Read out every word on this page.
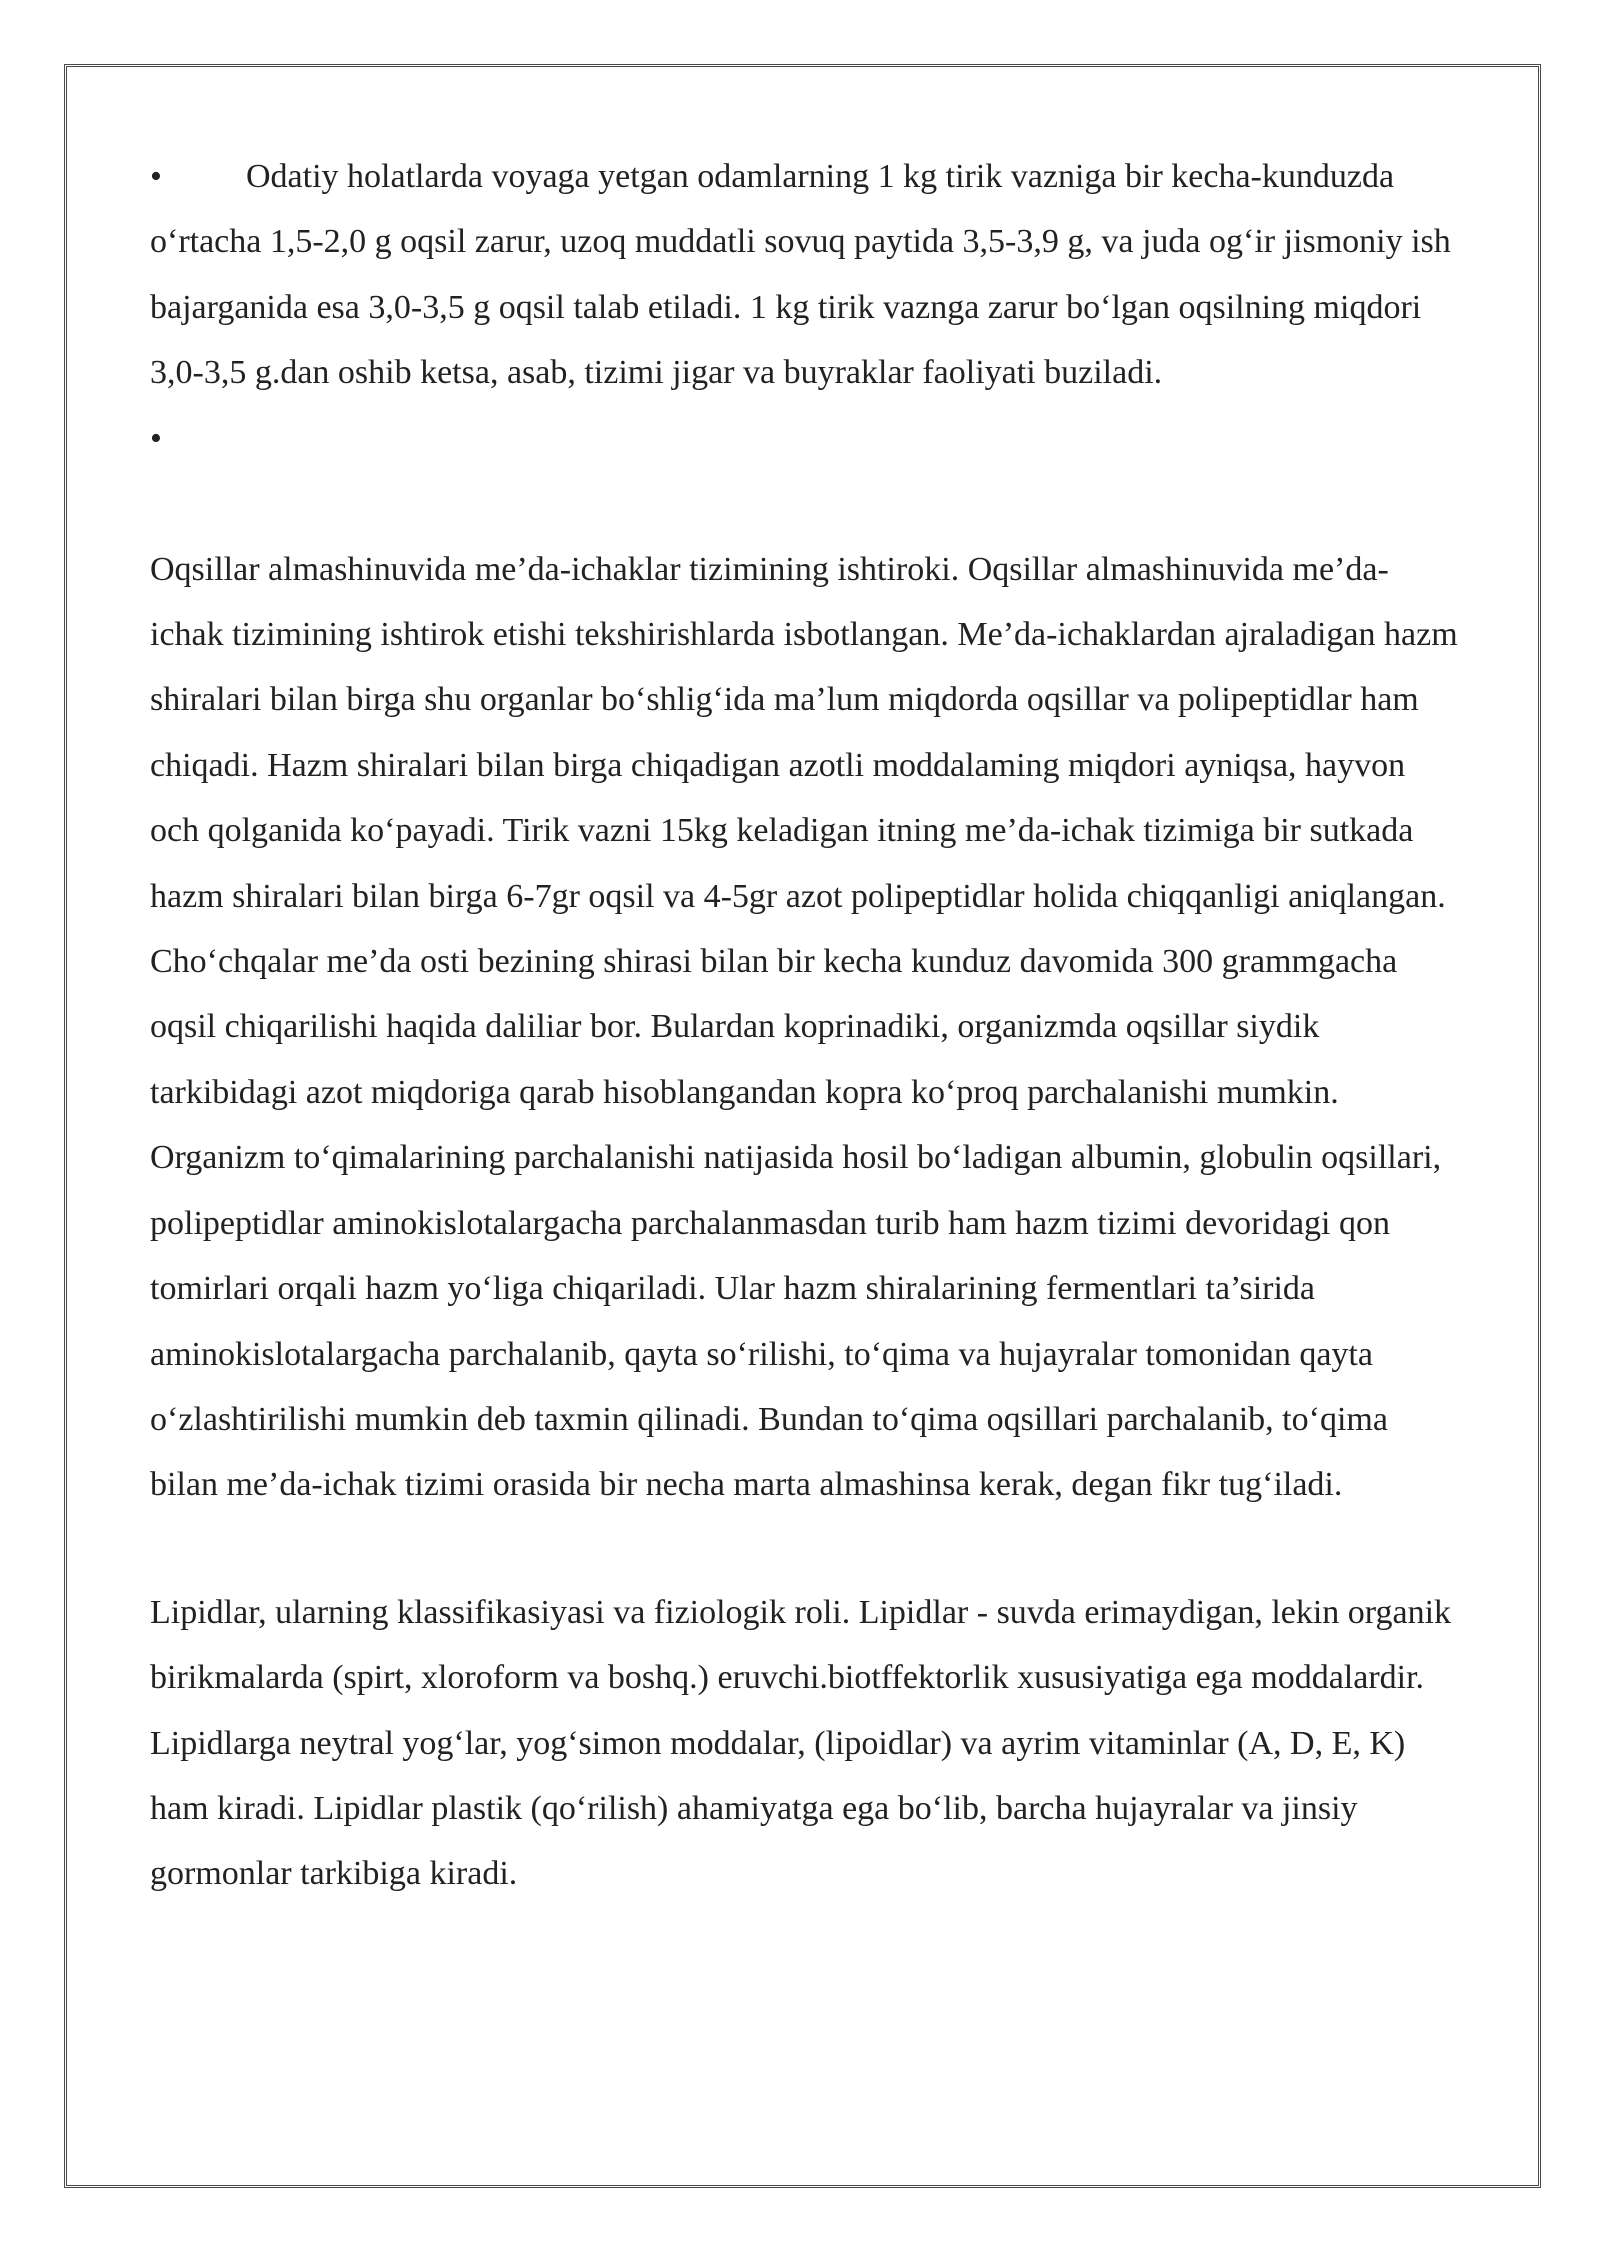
• Odatiy holatlarda voyaga yetgan odamlarning 1 kg tirik vazniga bir kecha-kunduzda o‘rtacha 1,5-2,0 g oqsil zarur, uzoq muddatli sovuq paytida 3,5-3,9 g, va juda og‘ir jismoniy ish bajarganida esa 3,0-3,5 g oqsil talab etiladi. 1 kg tirik vaznga zarur bo‘lgan oqsilning miqdori 3,0-3,5 g.dan oshib ketsa, asab, tizimi jigar va buyraklar faoliyati buziladi.

•

Oqsillar almashinuvida me’da-ichaklar tizimining ishtiroki. Oqsillar almashinuvida me’da-ichak tizimining ishtirok etishi tekshirishlarda isbotlangan. Me’da-ichaklardan ajraladigan hazm shiralari bilan birga shu organlar bo‘shlig‘ida ma’lum miqdorda oqsillar va polipeptidlar ham chiqadi. Hazm shiralari bilan birga chiqadigan azotli moddalaming miqdori ayniqsa, hayvon och qolganida ko‘payadi. Tirik vazni 15kg keladigan itning me’da-ichak tizimiga bir sutkada hazm shiralari bilan birga 6-7gr oqsil va 4-5gr azot polipeptidlar holida chiqqanligi aniqlangan. Cho‘chqalar me’da osti bezining shirasi bilan bir kecha kunduz davomida 300 grammgacha oqsil chiqarilishi haqida daliliar bor. Bulardan koprinadiki, organizmda oqsillar siydik tarkibidagi azot miqdoriga qarab hisoblangandan kopra ko‘proq parchalanishi mumkin. Organizm to‘qimalarining parchalanishi natijasida hosil bo‘ladigan albumin, globulin oqsillari, polipeptidlar aminokislotalargacha parchalanmasdan turib ham hazm tizimi devoridagi qon tomirlari orqali hazm yo‘liga chiqariladi. Ular hazm shiralarining fermentlari ta’sirida aminokislotalargacha parchalanib, qayta so‘rilishi, to‘qima va hujayralar tomonidan qayta o‘zlashtirilishi mumkin deb taxmin qilinadi. Bundan to‘qima oqsillari parchalanib, to‘qima bilan me’da-ichak tizimi orasida bir necha marta almashinsa kerak, degan fikr tug‘iladi.

Lipidlar, ularning klassifikasiyasi va fiziologik roli. Lipidlar - suvda erimaydigan, lekin organik birikmalarda (spirt, xloroform va boshq.) eruvchi.biotffektorlik xususiyatiga ega moddalardir. Lipidlarga neytral yog‘lar, yog‘simon moddalar, (lipoidlar) va ayrim vitaminlar (A, D, E, K) ham kiradi. Lipidlar plastik (qo‘rilish) ahamiyatga ega bo‘lib, barcha hujayralar va jinsiy gormonlar tarkibiga kiradi.
